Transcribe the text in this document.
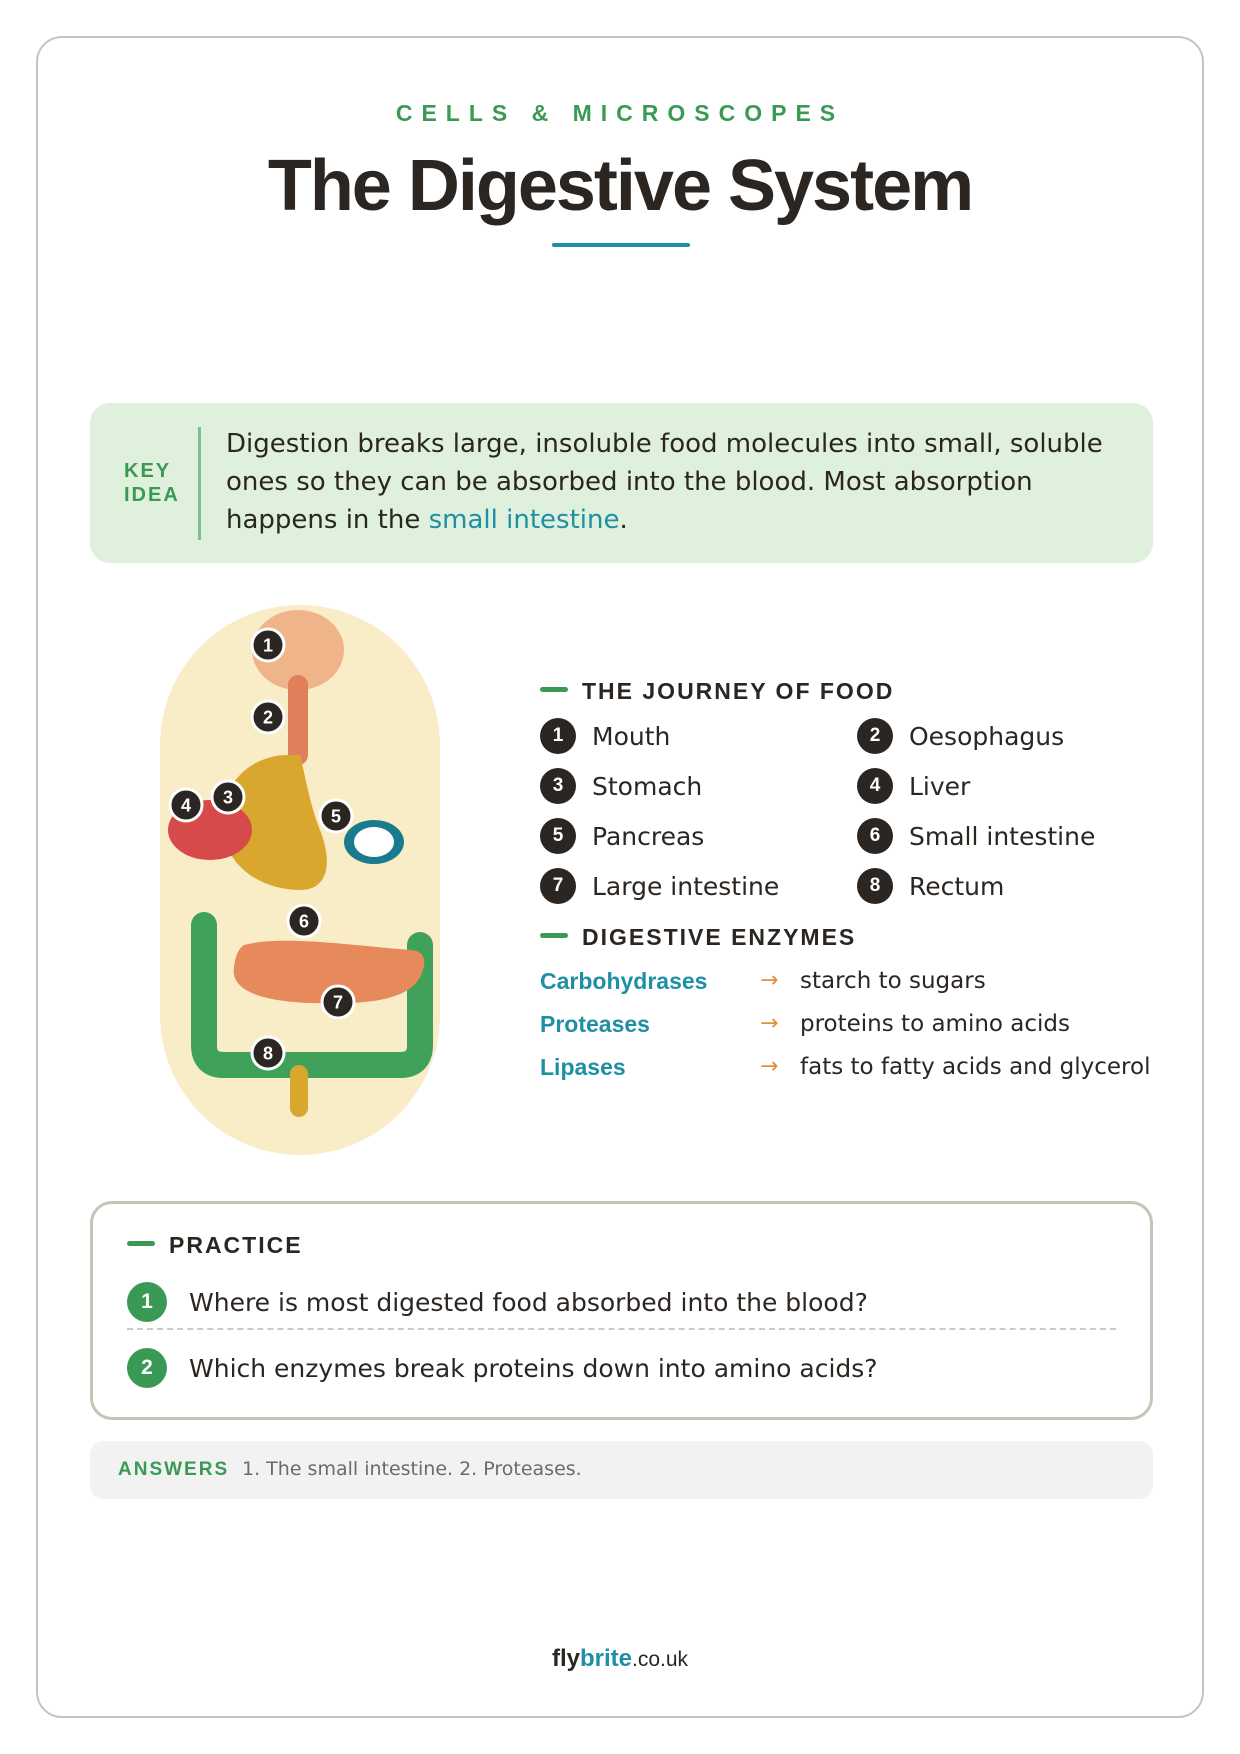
CELLS & MICROSCOPES
The Digestive System
KEY
IDEA
Digestion breaks large, insoluble food molecules into small, soluble ones so they can be absorbed into the blood. Most absorption happens in the small intestine.
1
2
3
4
5
6
7
8
THE JOURNEY OF FOOD
1	Mouth	2	Oesophagus
3	Stomach	4	Liver
5	Pancreas	6	Small intestine
7	Large intestine	8	Rectum
DIGESTIVE ENZYMES
Carbohydrases → starch to sugars
Proteases	→ proteins to amino acids
Lipases	→ fats to fatty acids and glycerol
PRACTICE
1	Where is most digested food absorbed into the blood?
2	Which enzymes break proteins down into amino acids?
ANSWERS 1. The small intestine. 2. Proteases.
flybrite.co.uk
